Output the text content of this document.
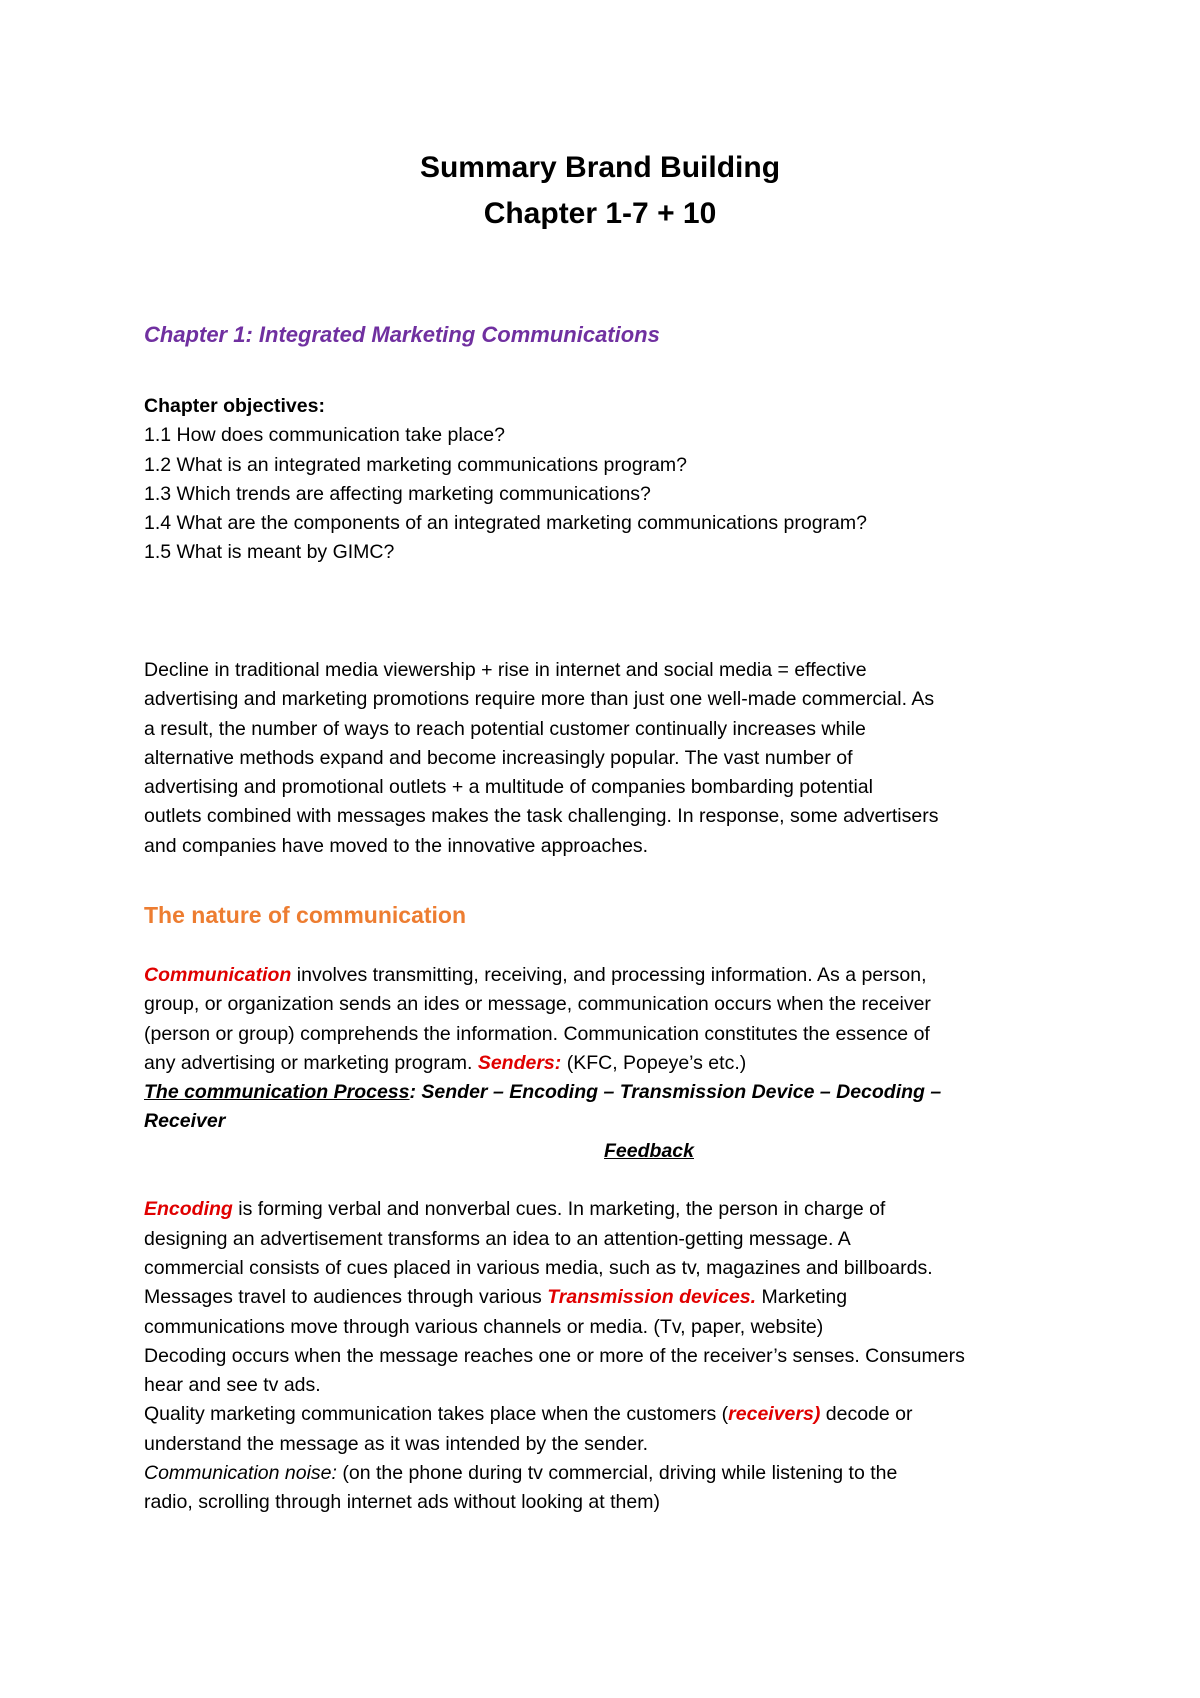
Summary Brand Building
Chapter 1-7 + 10
Chapter 1: Integrated Marketing Communications
Chapter objectives:
1.1 How does communication take place?
1.2 What is an integrated marketing communications program?
1.3 Which trends are affecting marketing communications?
1.4 What are the components of an integrated marketing communications program?
1.5 What is meant by GIMC?
Decline in traditional media viewership + rise in internet and social media = effective
advertising and marketing promotions require more than just one well-made commercial. As
a result, the number of ways to reach potential customer continually increases while
alternative methods expand and become increasingly popular. The vast number of
advertising and promotional outlets + a multitude of companies bombarding potential
outlets combined with messages makes the task challenging. In response, some advertisers
and companies have moved to the innovative approaches.
The nature of communication
Communication involves transmitting, receiving, and processing information. As a person,
group, or organization sends an ides or message, communication occurs when the receiver
(person or group) comprehends the information. Communication constitutes the essence of
any advertising or marketing program. Senders: (KFC, Popeye’s etc.)
The communication Process: Sender – Encoding – Transmission Device – Decoding –
Receiver
Feedback
Encoding is forming verbal and nonverbal cues. In marketing, the person in charge of
designing an advertisement transforms an idea to an attention-getting message. A
commercial consists of cues placed in various media, such as tv, magazines and billboards.
Messages travel to audiences through various Transmission devices. Marketing
communications move through various channels or media. (Tv, paper, website)
Decoding occurs when the message reaches one or more of the receiver’s senses. Consumers
hear and see tv ads.
Quality marketing communication takes place when the customers (receivers) decode or
understand the message as it was intended by the sender.
Communication noise: (on the phone during tv commercial, driving while listening to the
radio, scrolling through internet ads without looking at them)
